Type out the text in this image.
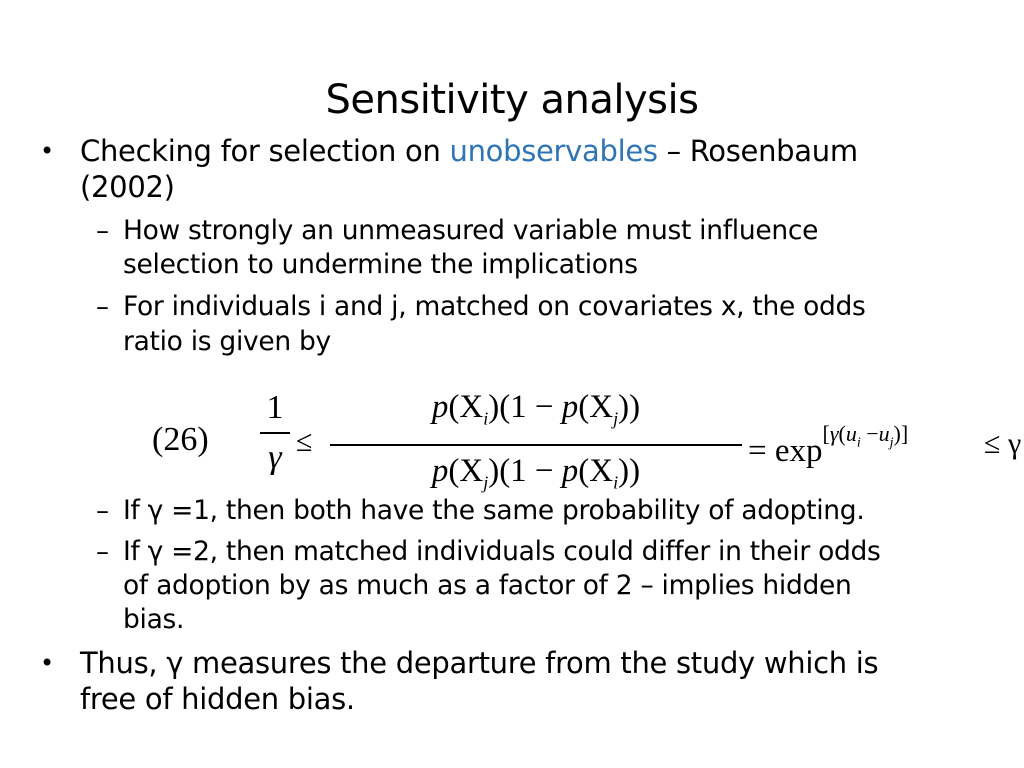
Sensitivity analysis
• Checking for selection on unobservables – Rosenbaum
(2002)
– How strongly an unmeasured variable must influence
selection to undermine the implications
– For individuals i and j, matched on covariates x, the odds
ratio is given by
(26)
1
γ ≤
$p(X_i)(1 - p(X_j))$
$p(X_j)(1 - p(X_i))$
= exp[γ(ui −uj)]	≤ γ
– If γ =1, then both have the same probability of adopting.
– If γ =2, then matched individuals could differ in their odds
of adoption by as much as a factor of 2 – implies hidden
bias.
• Thus, γ measures the departure from the study which is
free of hidden bias.
